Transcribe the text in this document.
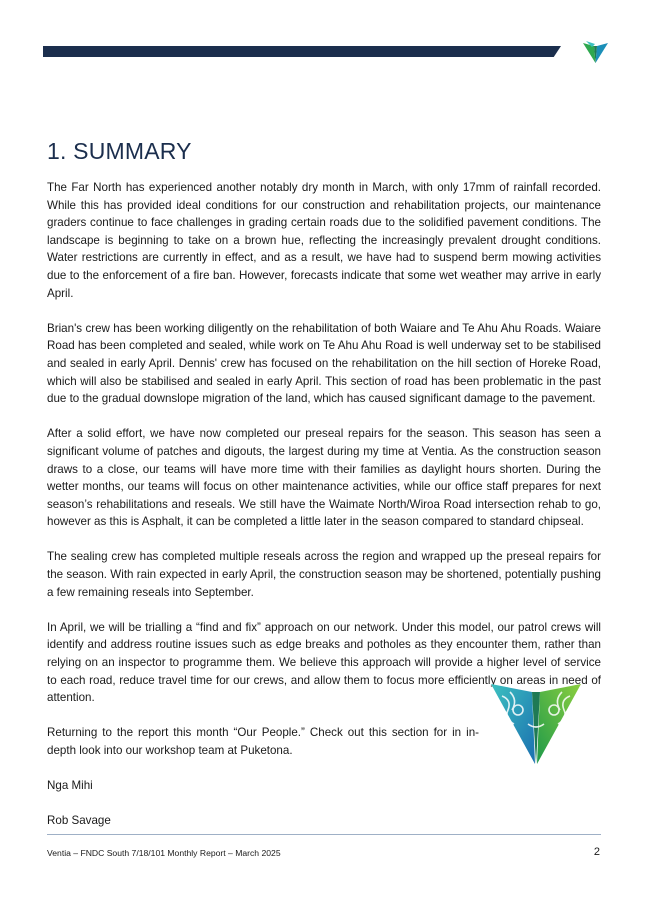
1. SUMMARY

The Far North has experienced another notably dry month in March, with only 17mm of rainfall recorded. While this has provided ideal conditions for our construction and rehabilitation projects, our maintenance graders continue to face challenges in grading certain roads due to the solidified pavement conditions. The landscape is beginning to take on a brown hue, reflecting the increasingly prevalent drought conditions. Water restrictions are currently in effect, and as a result, we have had to suspend berm mowing activities due to the enforcement of a fire ban. However, forecasts indicate that some wet weather may arrive in early April.

Brian's crew has been working diligently on the rehabilitation of both Waiare and Te Ahu Ahu Roads. Waiare Road has been completed and sealed, while work on Te Ahu Ahu Road is well underway set to be stabilised and sealed in early April. Dennis' crew has focused on the rehabilitation on the hill section of Horeke Road, which will also be stabilised and sealed in early April. This section of road has been problematic in the past due to the gradual downslope migration of the land, which has caused significant damage to the pavement.

After a solid effort, we have now completed our preseal repairs for the season. This season has seen a significant volume of patches and digouts, the largest during my time at Ventia. As the construction season draws to a close, our teams will have more time with their families as daylight hours shorten. During the wetter months, our teams will focus on other maintenance activities, while our office staff prepares for next season’s rehabilitations and reseals. We still have the Waimate North/Wiroa Road intersection rehab to go, however as this is Asphalt, it can be completed a little later in the season compared to standard chipseal.

The sealing crew has completed multiple reseals across the region and wrapped up the preseal repairs for the season. With rain expected in early April, the construction season may be shortened, potentially pushing a few remaining reseals into September.

In April, we will be trialling a “find and fix” approach on our network. Under this model, our patrol crews will identify and address routine issues such as edge breaks and potholes as they encounter them, rather than relying on an inspector to programme them. We believe this approach will provide a higher level of service to each road, reduce travel time for our crews, and allow them to focus more efficiently on areas in need of attention.

Returning to the report this month “Our People.” Check out this section for in in-depth look into our workshop team at Puketona.

Nga Mihi

Rob Savage

Ventia – FNDC South 7/18/101 Monthly Report – March 2025	2
